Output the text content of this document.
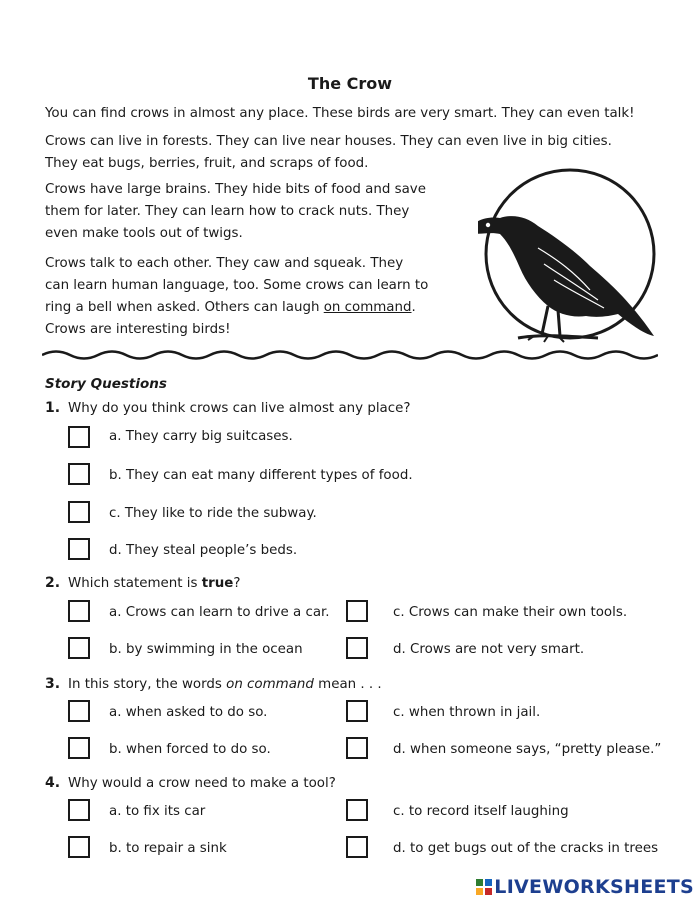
The Crow
You can find crows in almost any place. These birds are very smart. They can even talk!
Crows can live in forests. They can live near houses. They can even live in big cities.
They eat bugs, berries, fruit, and scraps of food.
Crows have large brains. They hide bits of food and save
them for later. They can learn how to crack nuts. They
even make tools out of twigs.
Crows talk to each other. They caw and squeak. They
can learn human language, too. Some crows can learn to
ring a bell when asked. Others can laugh on command.
Crows are interesting birds!
Story Questions
1. Why do you think crows can live almost any place?
a. They carry big suitcases.
b. They can eat many different types of food.
c. They like to ride the subway.
d. They steal people’s beds.
2. Which statement is true?
a. Crows can learn to drive a car.	c. Crows can make their own tools.
b. by swimming in the ocean	d. Crows are not very smart.
3. In this story, the words on command mean . . .
a. when asked to do so.	c. when thrown in jail.
b. when forced to do so.	d. when someone says, “pretty please.”
4. Why would a crow need to make a tool?
a. to fix its car	c. to record itself laughing
b. to repair a sink	d. to get bugs out of the cracks in trees
LIVEWORKSHEETS
